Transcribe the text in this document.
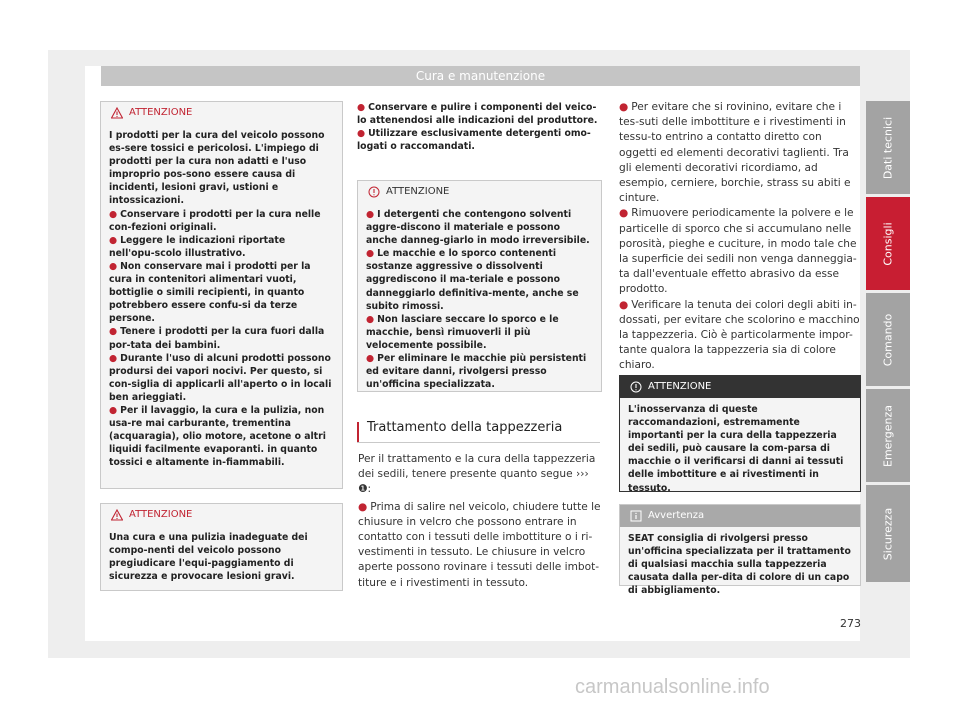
Cura e manutenzione
ATTENZIONE

I prodotti per la cura del veicolo possono es-sere tossici e pericolosi. L'impiego di prodotti per la cura non adatti e l'uso improprio pos-sono essere causa di incidenti, lesioni gravi, ustioni e intossicazioni.

● Conservare i prodotti per la cura nelle con-fezioni originali.

● Leggere le indicazioni riportate nell'opu-scolo illustrativo.

● Non conservare mai i prodotti per la cura in contenitori alimentari vuoti, bottiglie o simili recipienti, in quanto potrebbero essere confu-si da terze persone.

● Tenere i prodotti per la cura fuori dalla por-tata dei bambini.

● Durante l'uso di alcuni prodotti possono prodursi dei vapori nocivi. Per questo, si con-siglia di applicarli all'aperto o in locali ben arieggiati.

● Per il lavaggio, la cura e la pulizia, non usa-re mai carburante, trementina (acquaragia), olio motore, acetone o altri liquidi facilmente evaporanti. in quanto tossici e altamente in-fiammabili.

ATTENZIONE

Una cura e una pulizia inadeguate dei compo-nenti del veicolo possono pregiudicare l'equi-paggiamento di sicurezza e provocare lesioni gravi.

● Conservare e pulire i componenti del veico-lo attenendosi alle indicazioni del produttore.

● Utilizzare esclusivamente detergenti omo-logati o raccomandati.

ATTENZIONE

● I detergenti che contengono solventi aggre-discono il materiale e possono anche danneg-giarlo in modo irreversibile.

● Le macchie e lo sporco contenenti sostanze aggressive o dissolventi aggrediscono il ma-teriale e possono danneggiarlo definitiva-mente, anche se subito rimossi.

● Non lasciare seccare lo sporco e le macchie, bensì rimuoverli il più velocemente possibile.

● Per eliminare le macchie più persistenti ed evitare danni, rivolgersi presso un'officina specializzata.

Trattamento della tappezzeria

Per il trattamento e la cura della tappezzeria dei sedili, tenere presente quanto segue ››› ❶:

● Prima di salire nel veicolo, chiudere tutte le chiusure in velcro che possono entrare in contatto con i tessuti delle imbottiture o i ri-vestimenti in tessuto. Le chiusure in velcro aperte possono rovinare i tessuti delle imbot-titure e i rivestimenti in tessuto.

● Per evitare che si rovinino, evitare che i tes-suti delle imbottiture e i rivestimenti in tessu-to entrino a contatto diretto con oggetti ed elementi decorativi taglienti. Tra gli elementi decorativi ricordiamo, ad esempio, cerniere, borchie, strass su abiti e cinture.

● Rimuovere periodicamente la polvere e le particelle di sporco che si accumulano nelle porosità, pieghe e cuciture, in modo tale che la superficie dei sedili non venga danneggia-ta dall'eventuale effetto abrasivo da esse prodotto.

● Verificare la tenuta dei colori degli abiti in-dossati, per evitare che scolorino e macchino la tappezzeria. Ciò è particolarmente impor-tante qualora la tappezzeria sia di colore chiaro.

ATTENZIONE

L'inosservanza di queste raccomandazioni, estremamente importanti per la cura della tappezzeria dei sedili, può causare la com-parsa di macchie o il verificarsi di danni ai tessuti delle imbottiture e ai rivestimenti in tessuto.

Avvertenza

SEAT consiglia di rivolgersi presso un'officina specializzata per il trattamento di qualsiasi macchia sulla tappezzeria causata dalla per-dita di colore di un capo di abbigliamento.

Dati tecnici
Consigli
Comando
Emergenza
Sicurezza
273
carmanualsonline.info
